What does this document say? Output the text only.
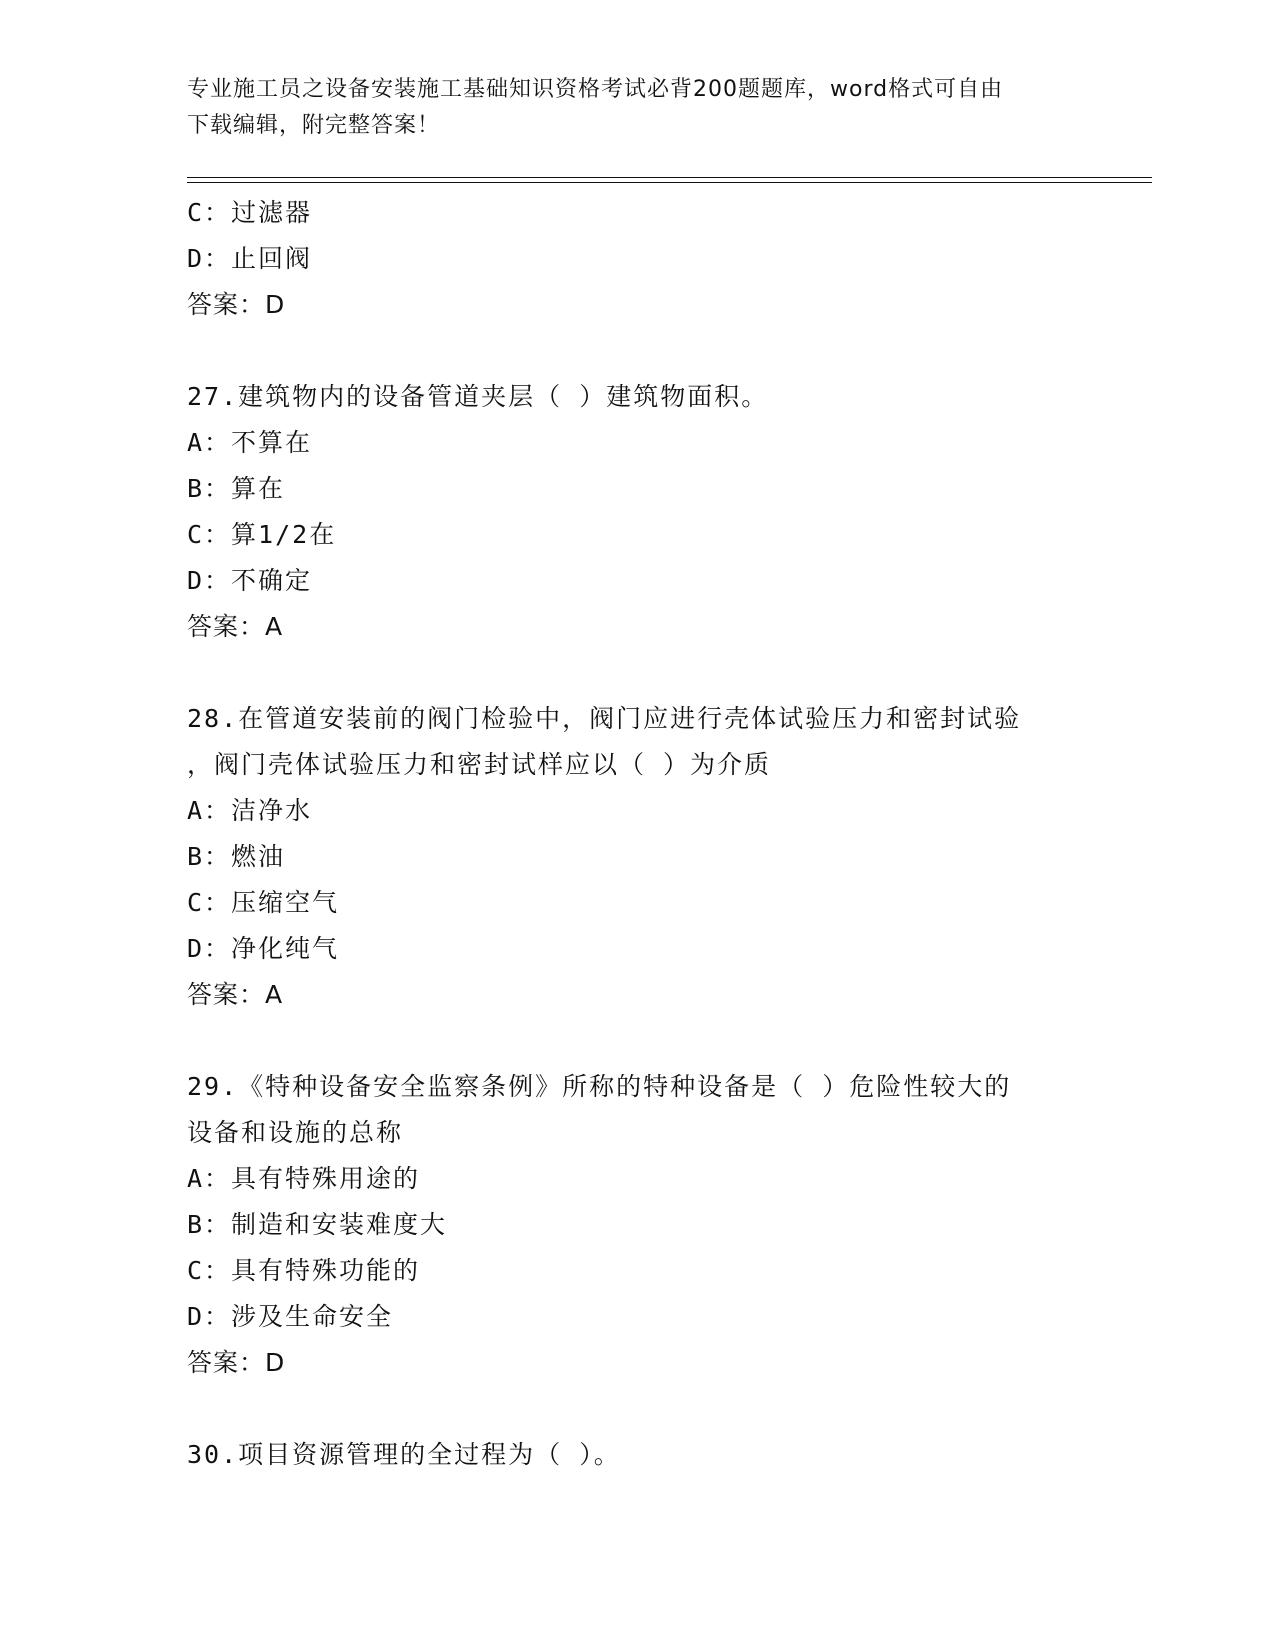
专业施工员之设备安装施工基础知识资格考试必背200题题库，word格式可自由
下载编辑，附完整答案！
C：过滤器
D：止回阀
答案：D
27.建筑物内的设备管道夹层（ ）建筑物面积。
A：不算在
B：算在
C：算1/2在
D：不确定
答案：A
28.在管道安装前的阀门检验中，阀门应进行壳体试验压力和密封试验
，阀门壳体试验压力和密封试样应以（ ）为介质
A：洁净水
B：燃油
C：压缩空气
D：净化纯气
答案：A
29.《特种设备安全监察条例》所称的特种设备是（ ）危险性较大的
设备和设施的总称
A：具有特殊用途的
B：制造和安装难度大
C：具有特殊功能的
D：涉及生命安全
答案：D
30.项目资源管理的全过程为（ ）。
